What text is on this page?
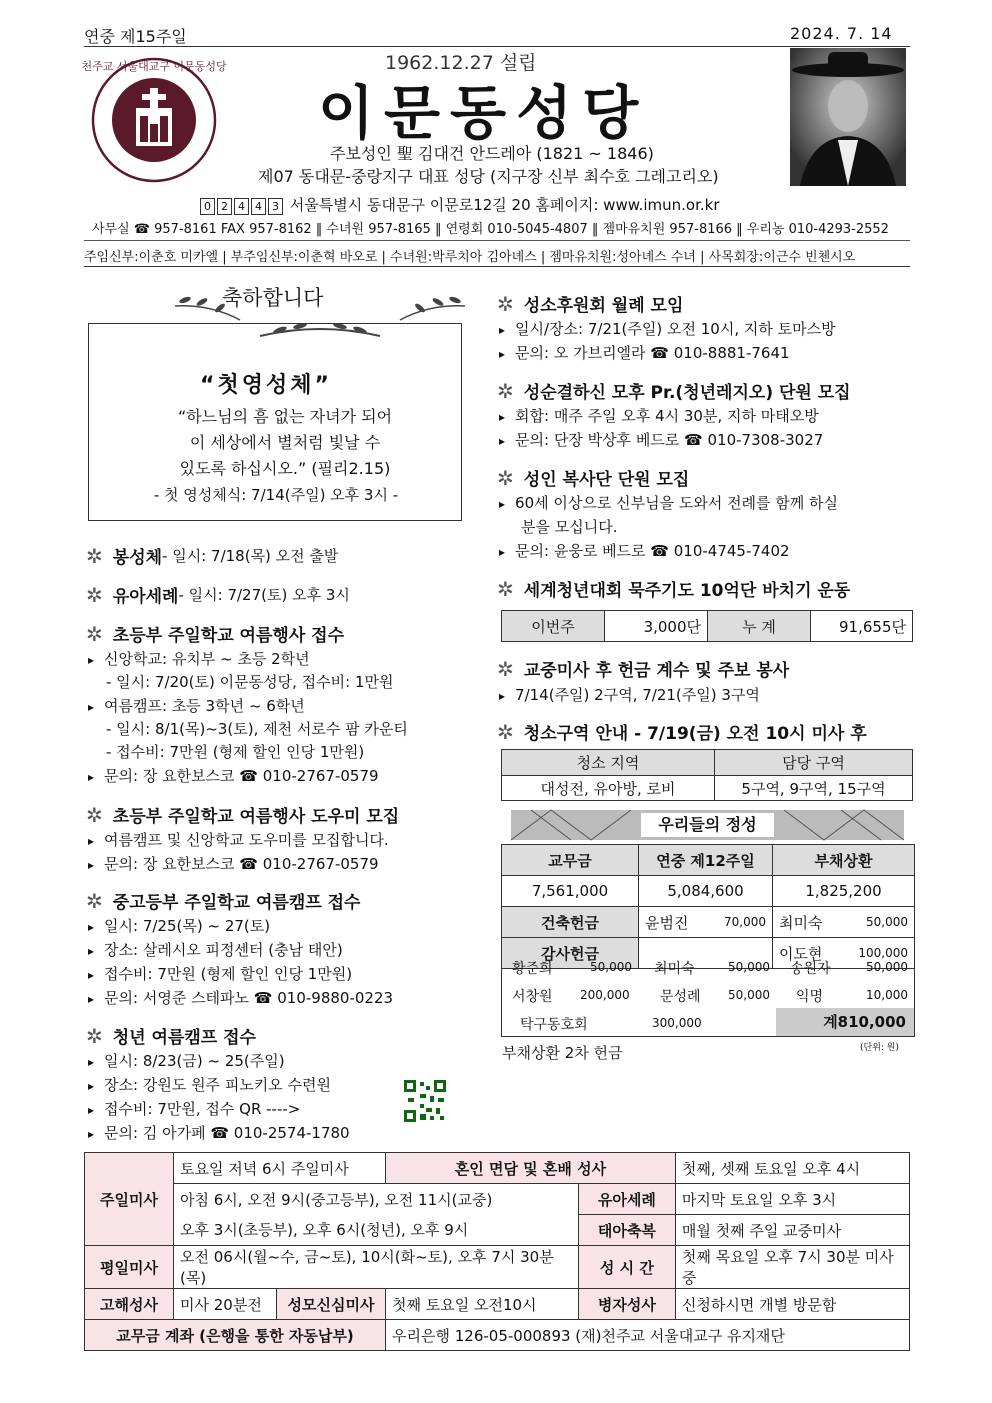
연중 제15주일	2024. 7. 14
천주교 서울대교구 이문동성당	1962.12.27 설립
이문동성당
주보성인 聖 김대건 안드레아 (1821 ~ 1846)
제07 동대문-중랑지구 대표 성당 (지구장 신부 최수호 그레고리오)
0 2 4 4 3 서울특별시 동대문구 이문로12길 20 홈페이지: www.imun.or.kr
사무실 ☎ 957-8161 FAX 957-8162 ‖ 수녀원 957-8165 ‖ 연령회 010-5045-4807 ‖ 젬마유치원 957-8166 ‖ 우리농 010-4293-2552
주임신부:이춘호 미카엘 | 부주임신부:이춘혁 바오로 | 수녀원:박루치아 김아녜스 | 젬마유치원:성아녜스 수녀 | 사목회장:이근수 빈첸시오
축하합니다
“첫영성체”
“하느님의 흠 없는 자녀가 되어
이 세상에서 별처럼 빛날 수
있도록 하십시오.” (필리2.15)
- 첫 영성체식: 7/14(주일) 오후 3시 -
✲ 봉성체 - 일시: 7/18(목) 오전 출발
✲ 유아세례 - 일시: 7/27(토) 오후 3시
✲ 초등부 주일학교 여름행사 접수
▸ 신앙학교: 유치부 ~ 초등 2학년
- 일시: 7/20(토) 이문동성당, 접수비: 1만원
▸ 여름캠프: 초등 3학년 ~ 6학년
- 일시: 8/1(목)~3(토), 제천 서로수 팜 카운티
- 접수비: 7만원 (형제 할인 인당 1만원)
▸ 문의: 장 요한보스코 ☎ 010-2767-0579
✲ 초등부 주일학교 여름행사 도우미 모집
▸ 여름캠프 및 신앙학교 도우미를 모집합니다.
▸ 문의: 장 요한보스코 ☎ 010-2767-0579
✲ 중고등부 주일학교 여름캠프 접수
▸ 일시: 7/25(목) ~ 27(토)
▸ 장소: 살레시오 피정센터 (충남 태안)
▸ 접수비: 7만원 (형제 할인 인당 1만원)
▸ 문의: 서영준 스테파노 ☎ 010-9880-0223
✲ 청년 여름캠프 접수
▸ 일시: 8/23(금) ~ 25(주일)
▸ 장소: 강원도 원주 피노키오 수련원
▸ 접수비: 7만원, 접수 QR ---->
▸ 문의: 김 아가페 ☎ 010-2574-1780
✲ 성소후원회 월례 모임
▸ 일시/장소: 7/21(주일) 오전 10시, 지하 토마스방
▸ 문의: 오 가브리엘라 ☎ 010-8881-7641
✲ 성순결하신 모후 Pr.(청년레지오) 단원 모집
▸ 회합: 매주 주일 오후 4시 30분, 지하 마태오방
▸ 문의: 단장 박상후 베드로 ☎ 010-7308-3027
✲ 성인 복사단 단원 모집
▸ 60세 이상으로 신부님을 도와서 전례를 함께 하실
분을 모십니다.
▸ 문의: 윤웅로 베드로 ☎ 010-4745-7402
✲ 세계청년대회 묵주기도 10억단 바치기 운동
이번주	3,000단	누 계	91,655단
✲ 교중미사 후 헌금 계수 및 주보 봉사
▸ 7/14(주일) 2구역, 7/21(주일) 3구역
✲ 청소구역 안내 - 7/19(금) 오전 10시 미사 후
청소 지역	담당 구역
대성전, 유아방, 로비	5구역, 9구역, 15구역
우리들의 정성
교무금	연중 제12주일		부채상환	
7,561,000	5,084,600		1,825,200	
건축헌금	윤범진	70,000	최미숙	50,000
감사헌금			이도현	100,000
황준희	50,000 최미숙	50,000 송원자	50,000
서창원 200,000 문성례 50,000 익명	10,000
탁구동호회	300,000	계810,000
부채상환 2차 헌금	(단위: 원)
주일미사	토요일 저녁 6시 주일미사		혼인 면담 및 혼배 성사		첫째, 셋째 토요일 오후 4시

	아침 6시, 오전 9시(중고등부), 오전 11시(교중)
오후 3시(초등부), 오후 6시(청년), 오후 9시			유아세례	마지막 토요일 오후 3시
				태아축복	매월 첫째 주일 교중미사
평일미사	오전 06시(월~수, 금~토), 10시(화~토), 오후 7시 30분(목)			성 시 간	첫째 목요일 오후 7시 30분 미사 중
고해성사	미사 20분전	성모신심미사	첫째 토요일 오전10시	병자성사	신청하시면 개별 방문함
교무금 계좌 (은행을 통한 자동납부)			우리은행 126-05-000893 (재)천주교 서울대교구 유지재단		
